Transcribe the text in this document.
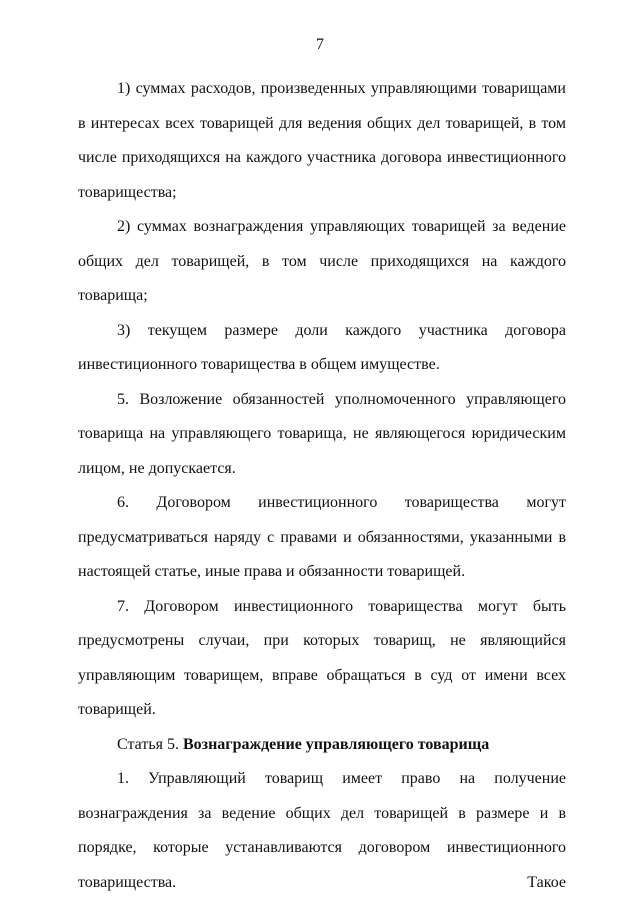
7

1) суммах расходов, произведенных управляющими товарищами в интересах всех товарищей для ведения общих дел товарищей, в том числе приходящихся на каждого участника договора инвестиционного товарищества;

2) суммах вознаграждения управляющих товарищей за ведение общих дел товарищей, в том числе приходящихся на каждого товарища;

3) текущем размере доли каждого участника договора инвестиционного товарищества в общем имуществе.

5. Возложение обязанностей уполномоченного управляющего товарища на управляющего товарища, не являющегося юридическим лицом, не допускается.

6. Договором инвестиционного товарищества могут предусматриваться наряду с правами и обязанностями, указанными в настоящей статье, иные права и обязанности товарищей.

7. Договором инвестиционного товарищества могут быть предусмотрены случаи, при которых товарищ, не являющийся управляющим товарищем, вправе обращаться в суд от имени всех товарищей.

Статья 5. Вознаграждение управляющего товарища

1. Управляющий товарищ имеет право на получение вознаграждения за ведение общих дел товарищей в размере и в порядке, которые устанавливаются договором инвестиционного товарищества. Такое
